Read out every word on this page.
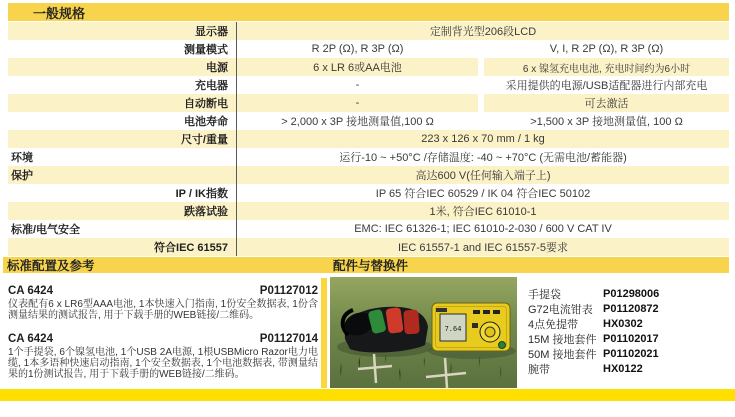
一般规格
显示器	定制背光型206段LCD
测量模式	R 2P (Ω), R 3P (Ω)	V, I, R 2P (Ω), R 3P (Ω)
电源	6 x LR 6或AA电池	6 x 镍氢充电电池, 充电时间约为6小时
充电器	-	采用提供的电源/USB适配器进行内部充电
自动断电	-	可去激活
电池寿命	> 2,000 x 3P 接地测量值,100 Ω	>1,500 x 3P 接地测量值, 100 Ω
尺寸/重量	223 x 126 x 70 mm / 1 kg
环境	运行-10 ~ +50°C /存储温度: -40 ~ +70°C (无需电池/蓄能器)
保护	高达600 V(任何输入端子上)
IP / IK指数	IP 65 符合IEC 60529 / IK 04 符合IEC 50102
跌落试验	1米, 符合IEC 61010-1
标准/电气安全	EMC: IEC 61326-1; IEC 61010-2-030 / 600 V CAT IV
符合IEC 61557	IEC 61557-1 and IEC 61557-5要求
标准配置及参考	配件与替换件
CA 6424	P01127012
仪表配有6 x LR6型AAA电池, 1本快速入门指南, 1份安全数据表, 1份含测量结果的测试报告, 用于下载手册的WEB链接/二维码。
CA 6424	P01127014
1个手提袋, 6个镍氢电池, 1个USB 2A电源, 1根USBMicro Razor电力电缆, 1本多语种快速启动指南, 1个安全数据表, 1个电池数据表, 带测量结果的1份测试报告, 用于下载手册的WEB链接/二维码。
7.64
手提袋	P01298006
G72电流钳表 P01120872
4点免提带	HX0302
15M 接地套件 P01102017
50M 接地套件 P01102021
腕带	HX0122
